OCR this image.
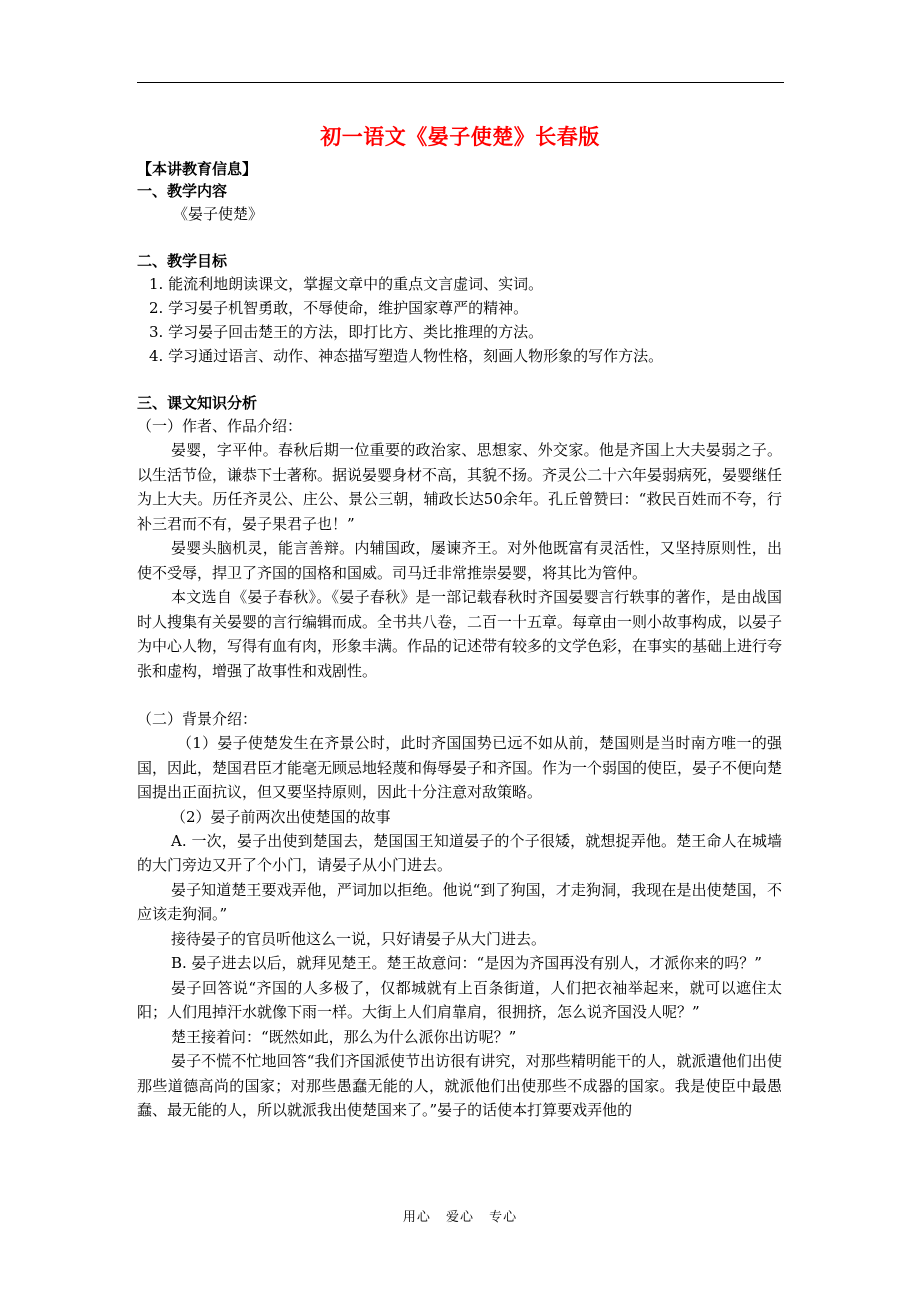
初一语文《晏子使楚》长春版
【本讲教育信息】
一、教学内容
《晏子使楚》
二、教学目标
1. 能流利地朗读课文，掌握文章中的重点文言虚词、实词。
2. 学习晏子机智勇敢，不辱使命，维护国家尊严的精神。
3. 学习晏子回击楚王的方法，即打比方、类比推理的方法。
4. 学习通过语言、动作、神态描写塑造人物性格，刻画人物形象的写作方法。
三、课文知识分析
（一）作者、作品介绍：

晏婴，字平仲。春秋后期一位重要的政治家、思想家、外交家。他是齐国上大夫晏弱之子。以生活节俭，谦恭下士著称。据说晏婴身材不高，其貌不扬。齐灵公二十六年晏弱病死，晏婴继任为上大夫。历任齐灵公、庄公、景公三朝，辅政长达50余年。孔丘曾赞曰：“救民百姓而不夸，行补三君而不有，晏子果君子也！”

晏婴头脑机灵，能言善辩。内辅国政，屡谏齐王。对外他既富有灵活性，又坚持原则性，出使不受辱，捍卫了齐国的国格和国威。司马迁非常推崇晏婴，将其比为管仲。

本文选自《晏子春秋》。《晏子春秋》是一部记载春秋时齐国晏婴言行轶事的著作，是由战国时人搜集有关晏婴的言行编辑而成。全书共八卷，二百一十五章。每章由一则小故事构成，以晏子为中心人物，写得有血有肉，形象丰满。作品的记述带有较多的文学色彩，在事实的基础上进行夸张和虚构，增强了故事性和戏剧性。

（二）背景介绍：

（1）晏子使楚发生在齐景公时，此时齐国国势已远不如从前，楚国则是当时南方唯一的强国，因此，楚国君臣才能毫无顾忌地轻蔑和侮辱晏子和齐国。作为一个弱国的使臣，晏子不便向楚国提出正面抗议，但又要坚持原则，因此十分注意对敌策略。

（2）晏子前两次出使楚国的故事

A. 一次，晏子出使到楚国去，楚国国王知道晏子的个子很矮，就想捉弄他。楚王命人在城墙的大门旁边又开了个小门，请晏子从小门进去。

晏子知道楚王要戏弄他，严词加以拒绝。他说“到了狗国，才走狗洞，我现在是出使楚国，不应该走狗洞。”

接待晏子的官员听他这么一说，只好请晏子从大门进去。

B. 晏子进去以后，就拜见楚王。楚王故意问：“是因为齐国再没有别人，才派你来的吗？”

晏子回答说“齐国的人多极了，仅都城就有上百条街道，人们把衣袖举起来，就可以遮住太阳；人们甩掉汗水就像下雨一样。大街上人们肩靠肩，很拥挤，怎么说齐国没人呢？”

楚王接着问：“既然如此，那么为什么派你出访呢？”

晏子不慌不忙地回答“我们齐国派使节出访很有讲究，对那些精明能干的人，就派遣他们出使那些道德高尚的国家；对那些愚蠢无能的人，就派他们出使那些不成器的国家。我是使臣中最愚蠢、最无能的人，所以就派我出使楚国来了。”晏子的话使本打算要戏弄他的

用心 爱心 专心
